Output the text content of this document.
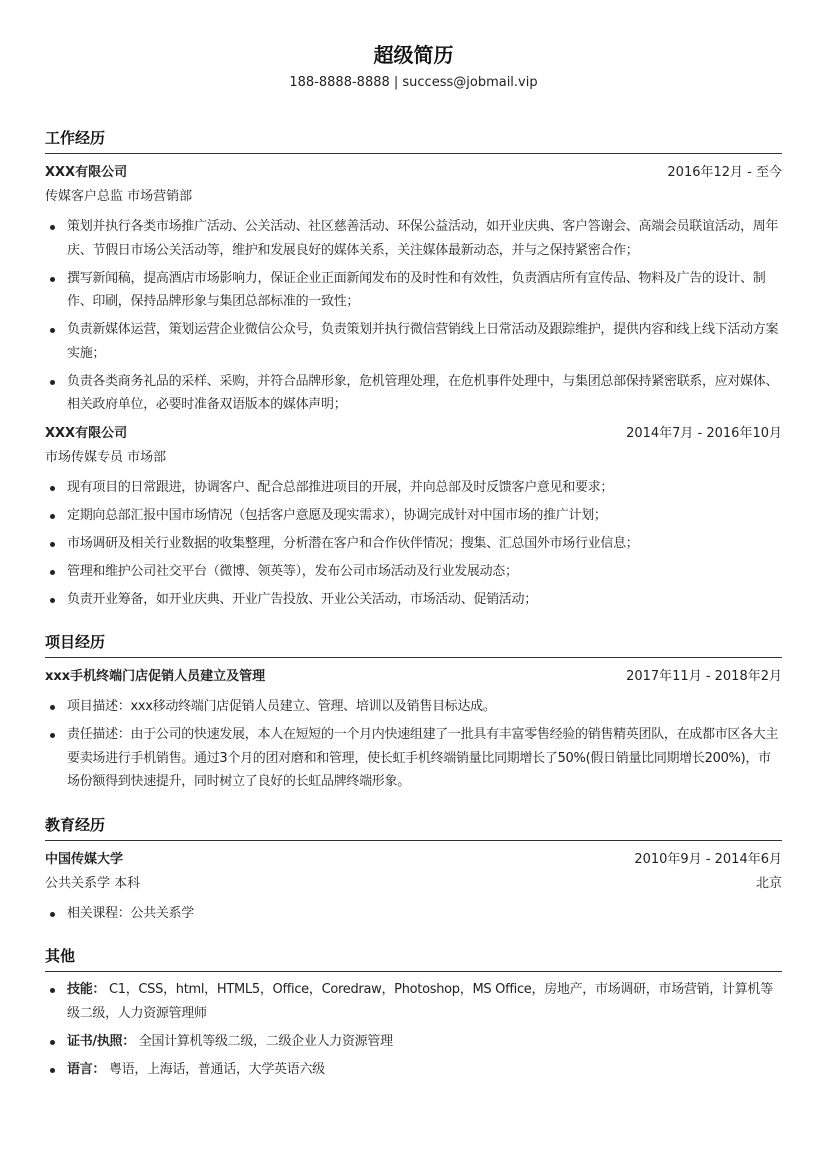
超级简历
188-8888-8888 | success@jobmail.vip
工作经历
XXX有限公司	2016年12月 - 至今
传媒客户总监 市场营销部
策划并执行各类市场推广活动、公关活动、社区慈善活动、环保公益活动，如开业庆典、客户答谢会、高端会员联谊活动，周年庆、节假日市场公关活动等，维护和发展良好的媒体关系，关注媒体最新动态，并与之保持紧密合作；
撰写新闻稿，提高酒店市场影响力，保证企业正面新闻发布的及时性和有效性，负责酒店所有宣传品、物料及广告的设计、制作、印刷，保持品牌形象与集团总部标准的一致性；
负责新媒体运营，策划运营企业微信公众号，负责策划并执行微信营销线上日常活动及跟踪维护，提供内容和线上线下活动方案实施；
负责各类商务礼品的采样、采购，并符合品牌形象，危机管理处理，在危机事件处理中，与集团总部保持紧密联系，应对媒体、相关政府单位，必要时准备双语版本的媒体声明；
XXX有限公司	2014年7月 - 2016年10月
市场传媒专员 市场部
现有项目的日常跟进，协调客户、配合总部推进项目的开展，并向总部及时反馈客户意见和要求；
定期向总部汇报中国市场情况（包括客户意愿及现实需求），协调完成针对中国市场的推广计划；
市场调研及相关行业数据的收集整理，分析潜在客户和合作伙伴情况；搜集、汇总国外市场行业信息；
管理和维护公司社交平台（微博、领英等），发布公司市场活动及行业发展动态；
负责开业筹备，如开业庆典、开业广告投放、开业公关活动，市场活动、促销活动；
项目经历
xxx手机终端门店促销人员建立及管理	2017年11月 - 2018年2月
项目描述：xxx移动终端门店促销人员建立、管理、培训以及销售目标达成。
责任描述：由于公司的快速发展，本人在短短的一个月内快速组建了一批具有丰富零售经验的销售精英团队，在成都市区各大主要卖场进行手机销售。通过3个月的团对磨和和管理，使长虹手机终端销量比同期增长了50%(假日销量比同期增长200%)，市场份额得到快速提升，同时树立了良好的长虹品牌终端形象。
教育经历
中国传媒大学	2010年9月 - 2014年6月
公共关系学 本科	北京
相关课程：公共关系学
其他
技能： C1，CSS，html，HTML5，Office，Coredraw，Photoshop，MS Office，房地产，市场调研，市场营销，计算机等级二级，人力资源管理师
证书/执照： 全国计算机等级二级，二级企业人力资源管理
语言： 粤语，上海话，普通话，大学英语六级
